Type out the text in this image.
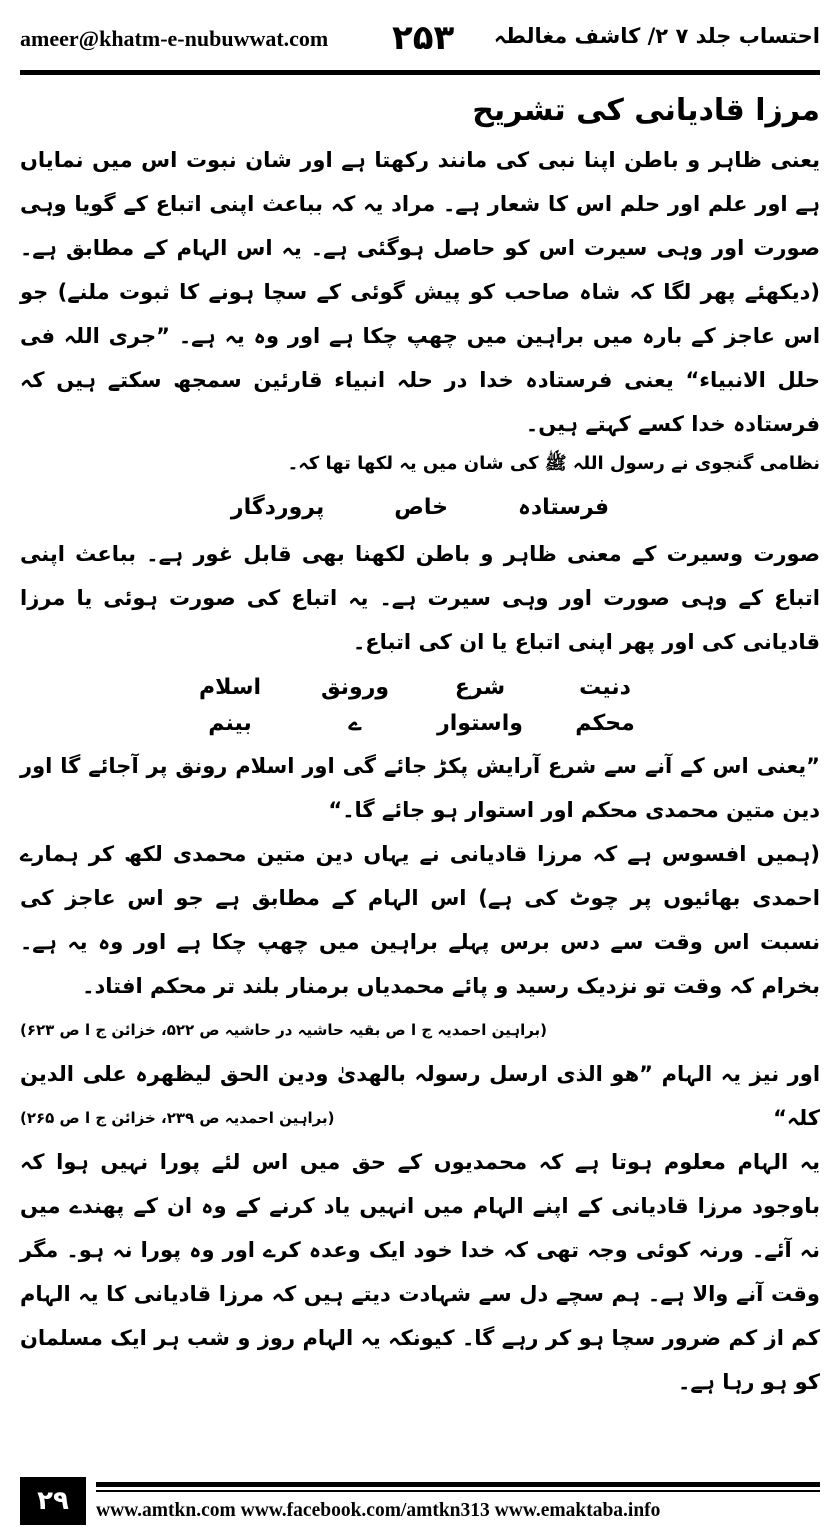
ameer@khatm-e-nubuwwat.com ۲۵۳ احتساب جلد ۷ ۲/ کاشف مغالطہ
مرزا قادیانی کی تشریح
یعنی ظاہر و باطن اپنا نبی کی مانند رکھتا ہے اور شان نبوت اس میں نمایاں ہے اور علم اور حلم اس کا شعار ہے۔ مراد یہ کہ بباعث اپنی اتباع کے گویا وہی صورت اور وہی سیرت اس کو حاصل ہوگئی ہے۔ یہ اس الہام کے مطابق ہے۔ (دیکھئے پھر لگا کہ شاہ صاحب کو پیش گوئی کے سچا ہونے کا ثبوت ملنے) جو اس عاجز کے بارہ میں براہین میں چھپ چکا ہے اور وہ یہ ہے۔ ”جری اللہ فی حلل الانبیاء“ یعنی فرستادہ خدا در حلہ انبیاء قارئین سمجھ سکتے ہیں کہ فرستادہ خدا کسے کہتے ہیں۔
نظامی گنجوی نے رسول اللہ ﷺ کی شان میں یہ لکھا تھا کہ۔
فرستادہ
خاص
پروردگار
صورت وسیرت کے معنی ظاہر و باطن لکھنا بھی قابل غور ہے۔ بباعث اپنی اتباع کے وہی صورت اور وہی سیرت ہے۔ یہ اتباع کی صورت ہوئی یا مرزا قادیانی کی اور پھر اپنی اتباع یا ان کی اتباع۔
دنیت
شرع
ورونق
اسلام
محکم
واستوار
ے
بینم
”یعنی اس کے آنے سے شرع آرایش پکڑ جائے گی اور اسلام رونق پر آجائے گا اور دین متین محمدی محکم اور استوار ہو جائے گا۔“
(ہمیں افسوس ہے کہ مرزا قادیانی نے یہاں دین متین محمدی لکھ کر ہمارے احمدی بھائیوں پر چوٹ کی ہے) اس الہام کے مطابق ہے جو اس عاجز کی نسبت اس وقت سے دس برس پہلے براہین میں چھپ چکا ہے اور وہ یہ ہے۔ بخرام کہ وقت تو نزدیک رسید و پائے محمدیاں برمنار بلند تر محکم افتاد۔
(براہین احمدیہ ج ا ص بقیہ حاشیہ در حاشیہ ص ۵۲۲، خزائن ج ا ص ۶۲۳)
اور نیز یہ الہام ”ھو الذی ارسل رسولہ بالھدیٰ ودین الحق لیظھرہ علی الدین کلہ“
(براہین احمدیہ ص ۲۳۹، خزائن ج ا ص ۲۶۵)
یہ الہام معلوم ہوتا ہے کہ محمدیوں کے حق میں اس لئے پورا نہیں ہوا کہ باوجود مرزا قادیانی کے اپنے الہام میں انہیں یاد کرنے کے وہ ان کے پھندے میں نہ آئے۔ ورنہ کوئی وجہ تھی کہ خدا خود ایک وعدہ کرے اور وہ پورا نہ ہو۔ مگر وقت آنے والا ہے۔ ہم سچے دل سے شہادت دیتے ہیں کہ مرزا قادیانی کا یہ الہام کم از کم ضرور سچا ہو کر رہے گا۔ کیونکہ یہ الہام روز و شب ہر ایک مسلمان کو ہو رہا ہے۔
۲۹	www.amtkn.com www.facebook.com/amtkn313 www.emaktaba.info
